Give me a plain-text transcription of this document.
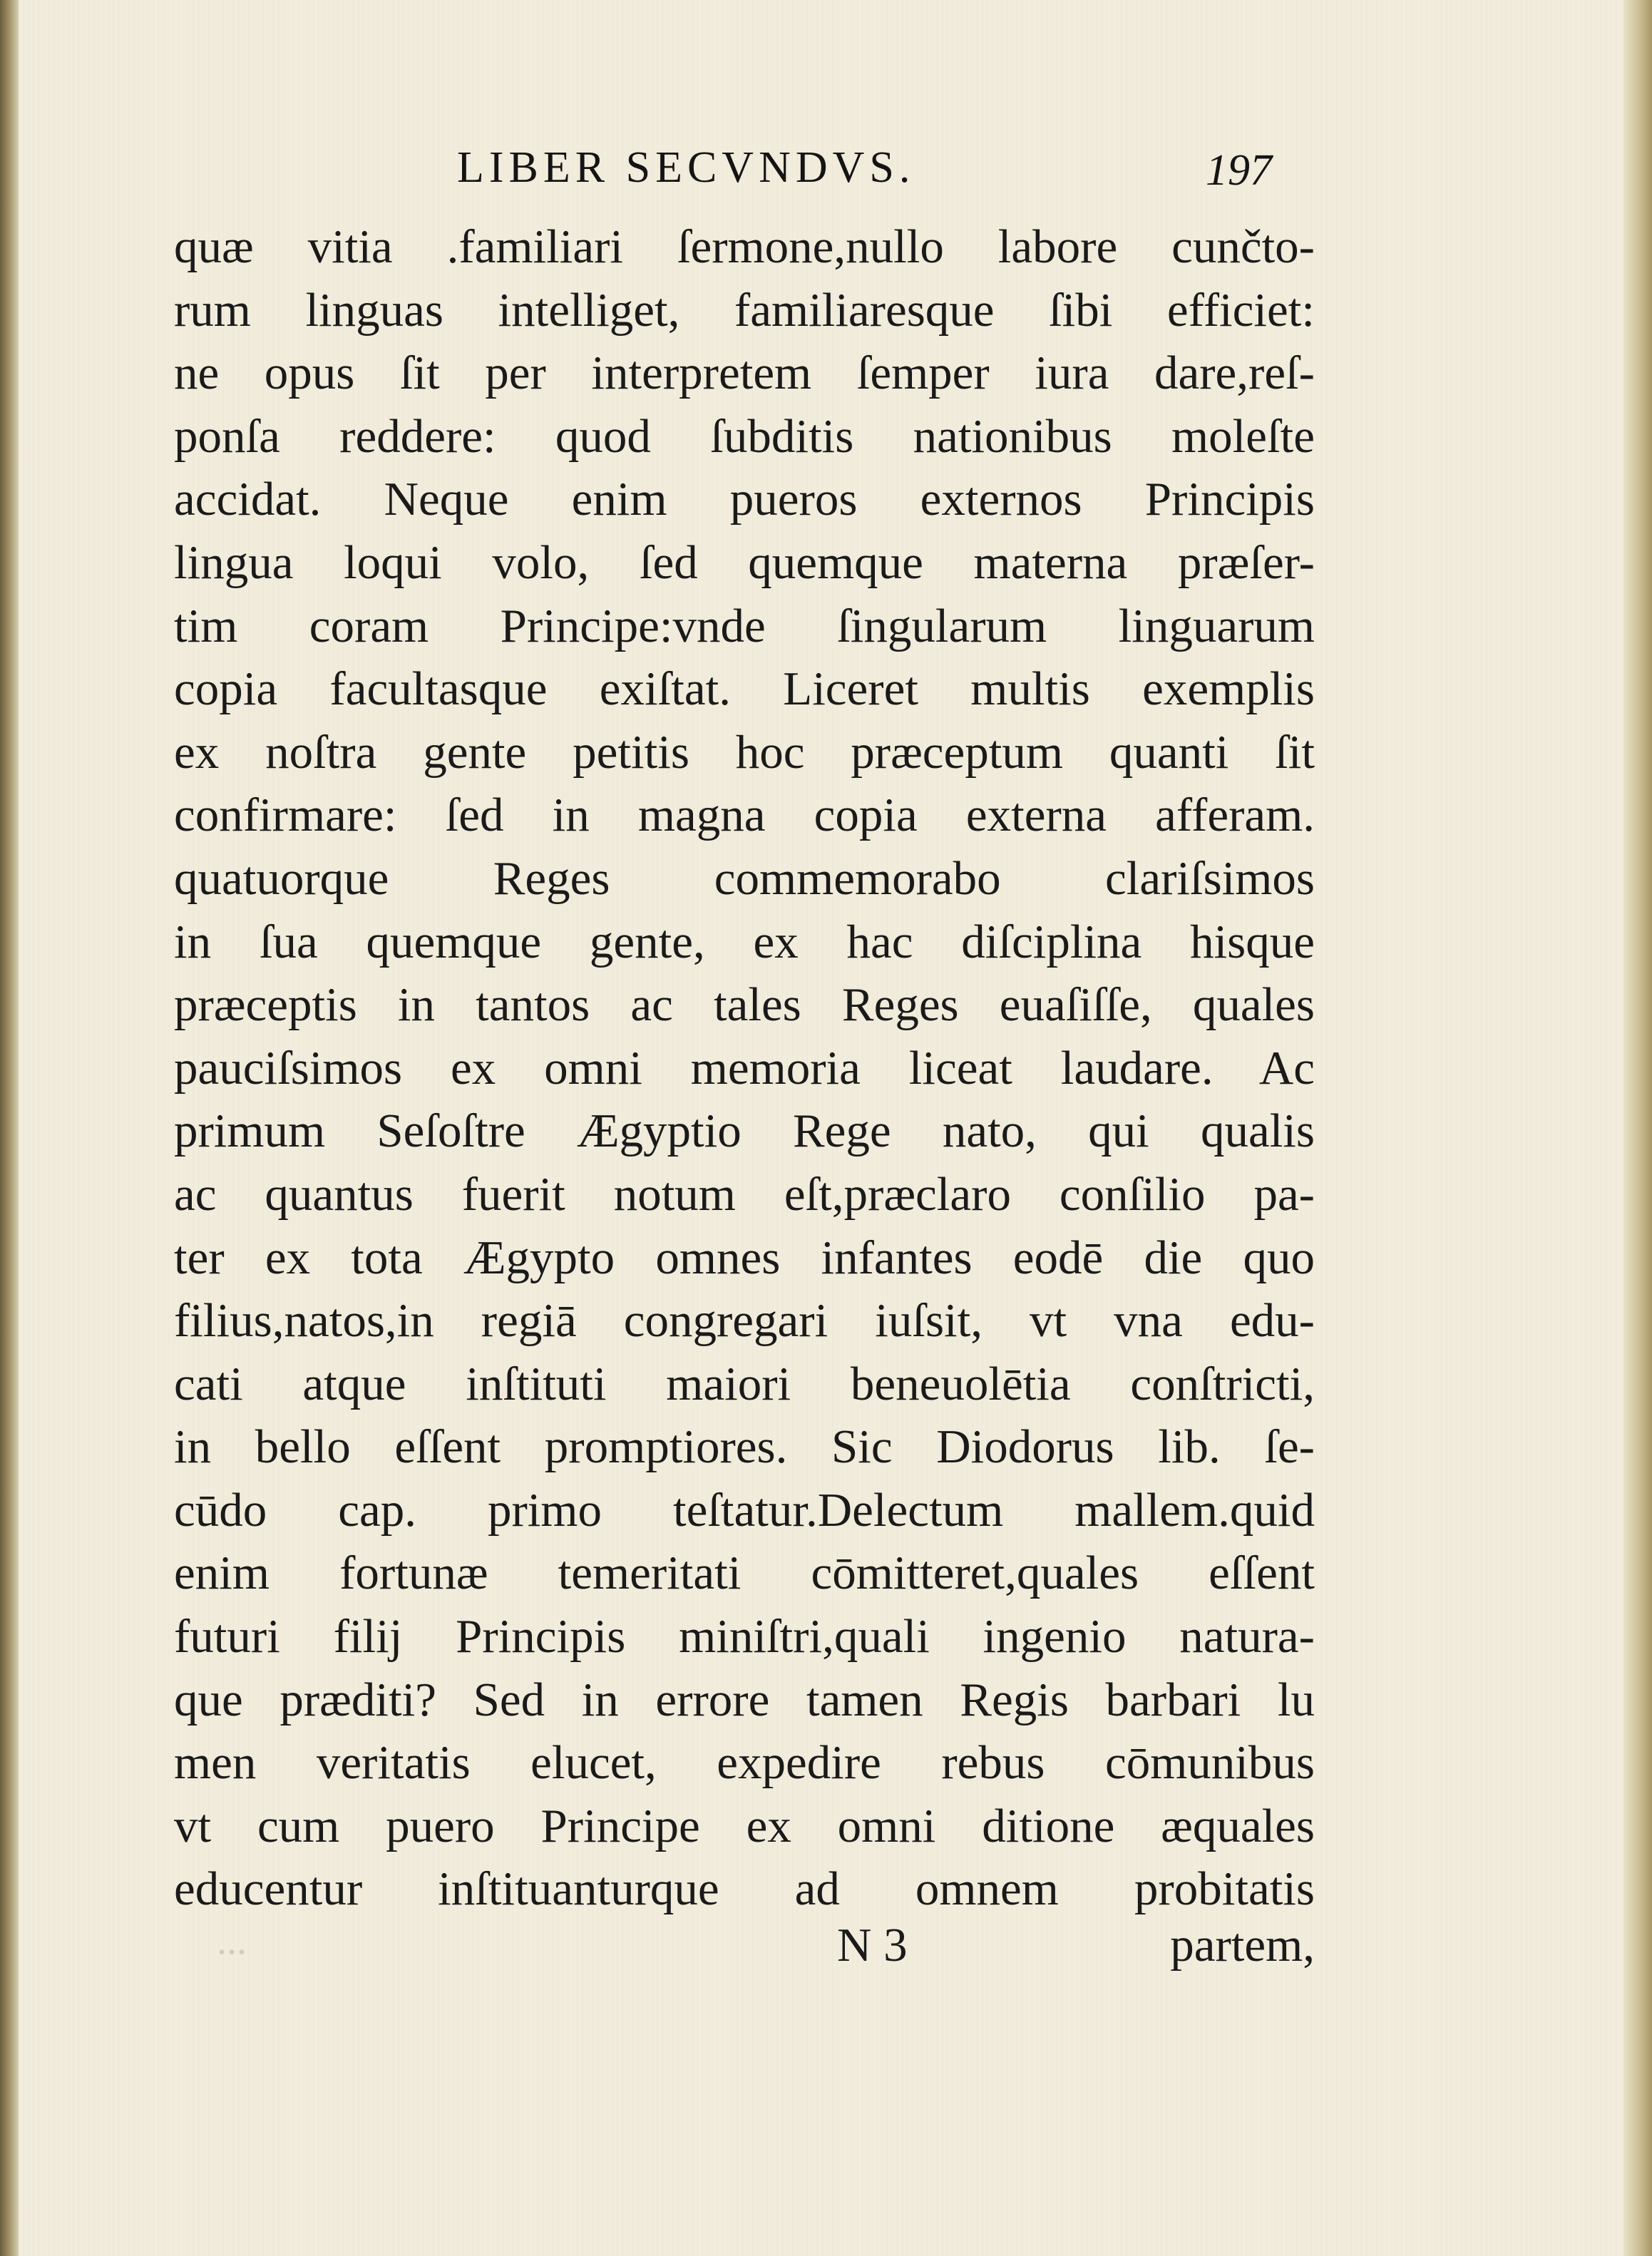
LIBER SECVNDVS.	197
quæ vitia .familiari ſermone,nullo labore cunčto-
rum linguas intelliget, familiaresque ſibi efficiet:
ne opus ſit per interpretem ſemper iura dare,reſ-
ponſa reddere: quod ſubditis nationibus moleſte
accidat. Neque enim pueros externos Principis
lingua loqui volo, ſed quemque materna præſer-
tim coram Principe:vnde ſingularum linguarum
copia facultasque exiſtat. Liceret multis exemplis
ex noſtra gente petitis hoc præceptum quanti ſit
confirmare: ſed in magna copia externa afferam.
quatuorque Reges commemorabo clariſsimos
in ſua quemque gente, ex hac diſciplina hisque
præceptis in tantos ac tales Reges euaſiſſe, quales
pauciſsimos ex omni memoria liceat laudare. Ac
primum Seſoſtre Ægyptio Rege nato, qui qualis
ac quantus fuerit notum eſt,præclaro conſilio pa-
ter ex tota Ægypto omnes infantes eodē die quo
filius,natos,in regiā congregari iuſsit, vt vna edu-
cati atque inſtituti maiori beneuolētia conſtricti,
in bello eſſent promptiores. Sic Diodorus lib. ſe-
cūdo cap. primo teſtatur.Delectum mallem.quid
enim fortunæ temeritati cōmitteret,quales eſſent
futuri filij Principis miniſtri,quali ingenio natura-
que præditi? Sed in errore tamen Regis barbari lu
men veritatis elucet, expedire rebus cōmunibus
vt cum puero Principe ex omni ditione æquales
educentur inſtituanturque ad omnem probitatis
...	N 3	partem,
